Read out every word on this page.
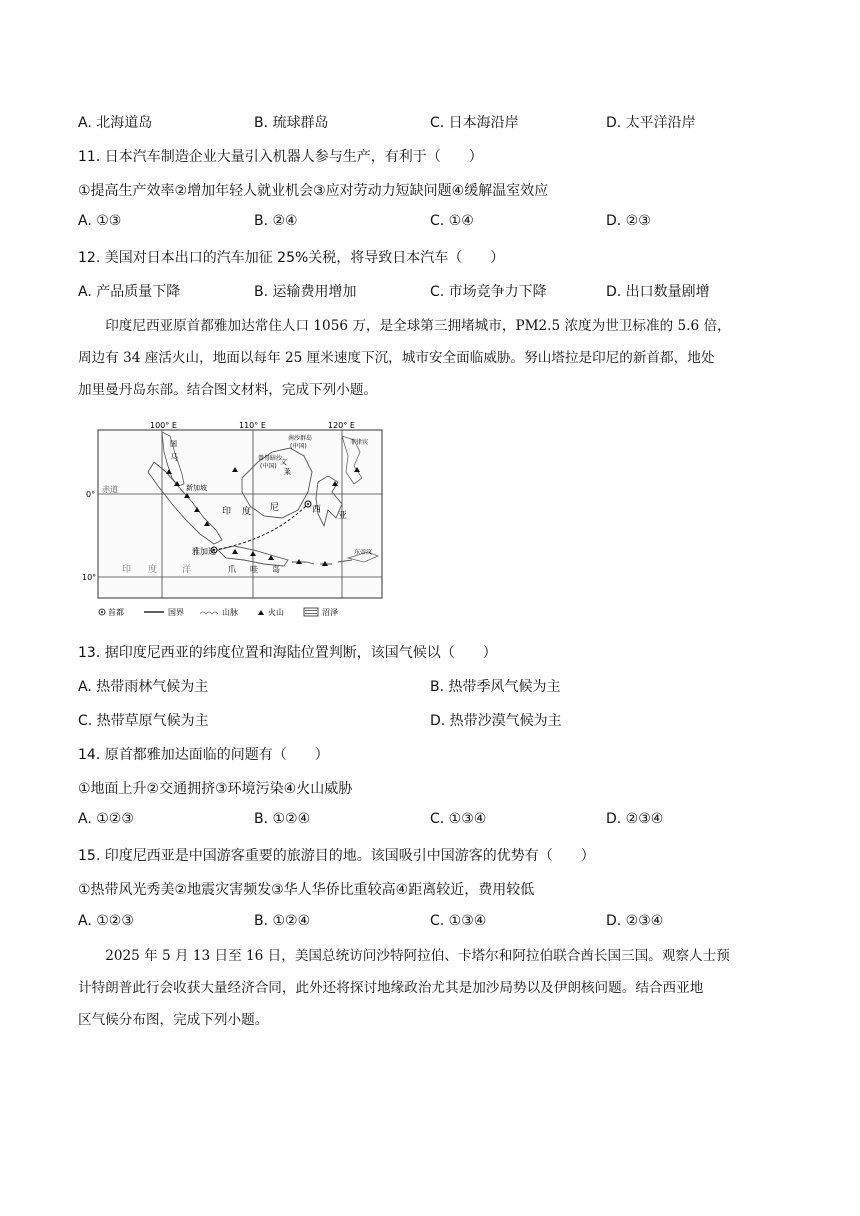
A. 北海道岛	B. 琉球群岛	C. 日本海沿岸	D. 太平洋沿岸
11. 日本汽车制造企业大量引入机器人参与生产，有利于（　　）
①提高生产效率②增加年轻人就业机会③应对劳动力短缺问题④缓解温室效应
A. ①③	B. ②④	C. ①④	D. ②③
12. 美国对日本出口的汽车加征 25%关税，将导致日本汽车（　　）
A. 产品质量下降	B. 运输费用增加	C. 市场竞争力下降	D. 出口数量剧增

印度尼西亚原首都雅加达常住人口 1056 万，是全球第三拥堵城市，PM2.5 浓度为世卫标准的 5.6 倍，

周边有 34 座活火山，地面以每年 25 厘米速度下沉，城市安全面临威胁。努山塔拉是印尼的新首都，地处

加里曼丹岛东部。结合图文材料，完成下列小题。

100° E	110° E	120° E
0°
10°
赤道
雅加达
新加坡
印 度 尼	西
亚
印 度	洋	爪 哇 岛
南沙群岛
(中国)
曾母暗沙
(中国)
菲律宾
东帝汶
马	文
莱
国
首都	国界	山脉	火山	沼泽
13. 据印度尼西亚的纬度位置和海陆位置判断，该国气候以（　　）
A. 热带雨林气候为主	B. 热带季风气候为主
C. 热带草原气候为主	D. 热带沙漠气候为主
14. 原首都雅加达面临的问题有（　　）
①地面上升②交通拥挤③环境污染④火山威胁
A. ①②③	B. ①②④	C. ①③④	D. ②③④
15. 印度尼西亚是中国游客重要的旅游目的地。该国吸引中国游客的优势有（　　）
①热带风光秀美②地震灾害频发③华人华侨比重较高④距离较近，费用较低
A. ①②③	B. ①②④	C. ①③④	D. ②③④

2025 年 5 月 13 日至 16 日，美国总统访问沙特阿拉伯、卡塔尔和阿拉伯联合酋长国三国。观察人士预

计特朗普此行会收获大量经济合同，此外还将探讨地缘政治尤其是加沙局势以及伊朗核问题。结合西亚地

区气候分布图，完成下列小题。
